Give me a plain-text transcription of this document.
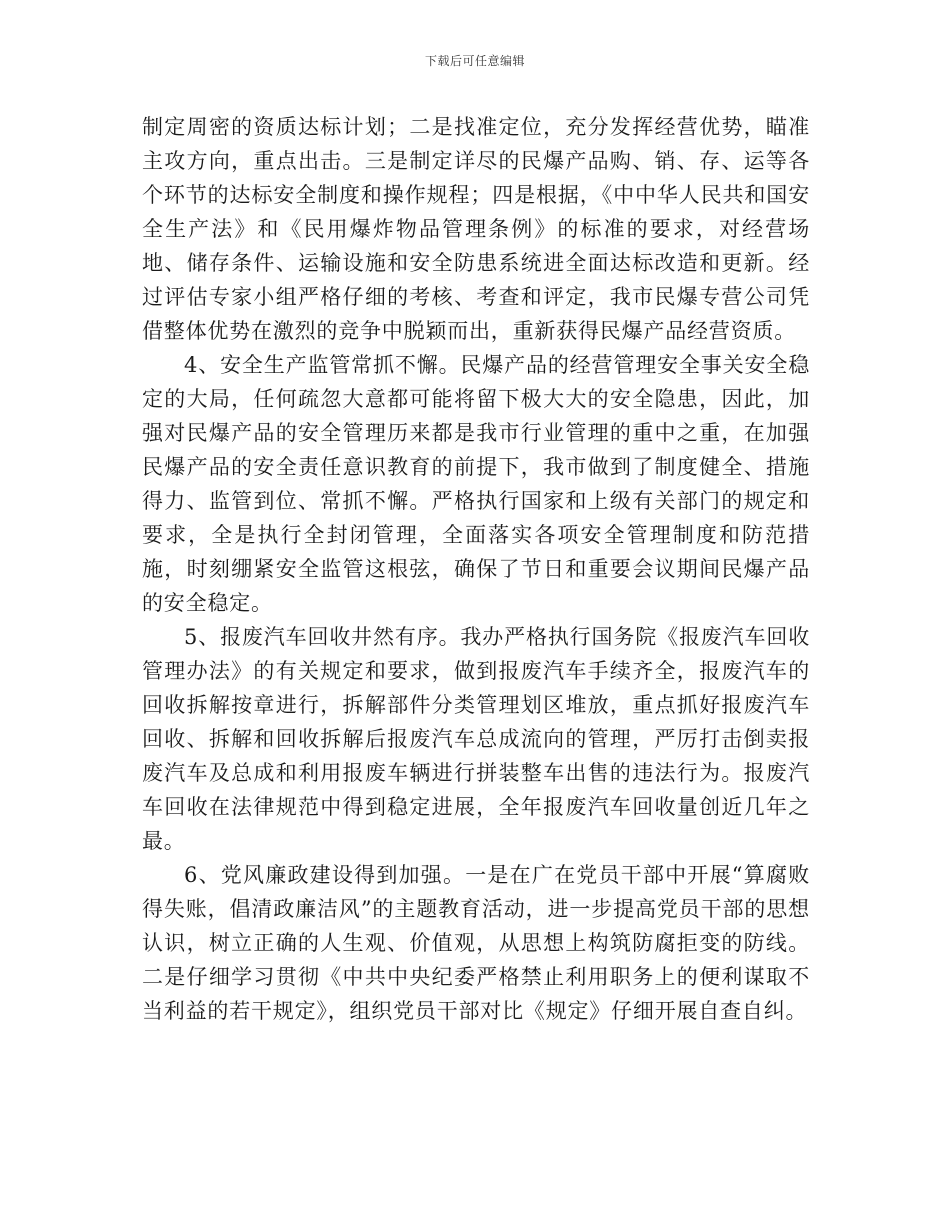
下载后可任意编辑

制定周密的资质达标计划；二是找准定位，充分发挥经营优势，瞄准主攻方向，重点出击。三是制定详尽的民爆产品购、销、存、运等各个环节的达标安全制度和操作规程；四是根据，《中中华人民共和国安全生产法》和《民用爆炸物品管理条例》的标准的要求，对经营场地、储存条件、运输设施和安全防患系统进全面达标改造和更新。经过评估专家小组严格仔细的考核、考查和评定，我市民爆专营公司凭借整体优势在激烈的竞争中脱颖而出，重新获得民爆产品经营资质。

4、安全生产监管常抓不懈。民爆产品的经营管理安全事关安全稳定的大局，任何疏忽大意都可能将留下极大大的安全隐患，因此，加强对民爆产品的安全管理历来都是我市行业管理的重中之重，在加强民爆产品的安全责任意识教育的前提下，我市做到了制度健全、措施得力、监管到位、常抓不懈。严格执行国家和上级有关部门的规定和要求，全是执行全封闭管理，全面落实各项安全管理制度和防范措施，时刻绷紧安全监管这根弦，确保了节日和重要会议期间民爆产品的安全稳定。

5、报废汽车回收井然有序。我办严格执行国务院《报废汽车回收管理办法》的有关规定和要求，做到报废汽车手续齐全，报废汽车的回收拆解按章进行，拆解部件分类管理划区堆放，重点抓好报废汽车回收、拆解和回收拆解后报废汽车总成流向的管理，严厉打击倒卖报废汽车及总成和利用报废车辆进行拼装整车出售的违法行为。报废汽车回收在法律规范中得到稳定进展，全年报废汽车回收量创近几年之最。

6、党风廉政建设得到加强。一是在广在党员干部中开展“算腐败得失账，倡清政廉洁风”的主题教育活动，进一步提高党员干部的思想认识，树立正确的人生观、价值观，从思想上构筑防腐拒变的防线。二是仔细学习贯彻《中共中央纪委严格禁止利用职务上的便利谋取不当利益的若干规定》，组织党员干部对比《规定》仔细开展自查自纠。
